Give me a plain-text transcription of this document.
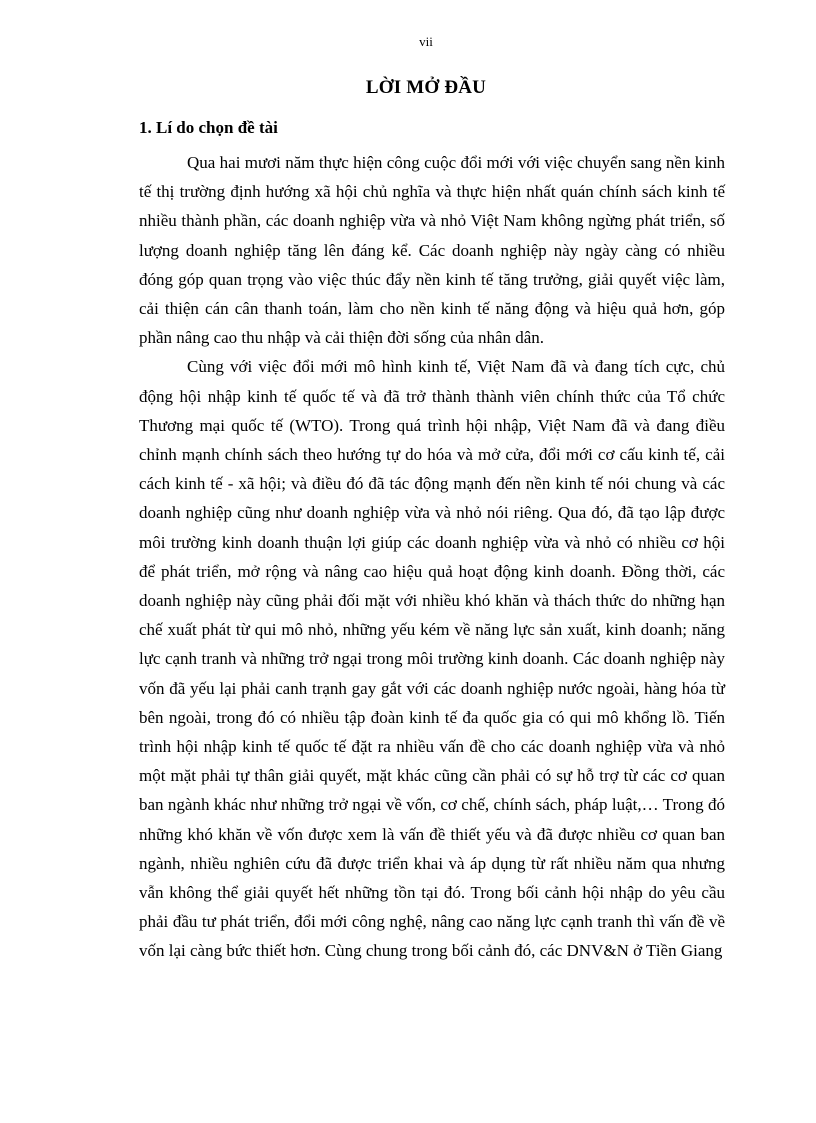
vii
LỜI MỞ ĐẦU
1. Lí do chọn đề tài

Qua hai mươi năm thực hiện công cuộc đổi mới với việc chuyển sang nền kinh tế thị trường định hướng xã hội chủ nghĩa và thực hiện nhất quán chính sách kinh tế nhiều thành phần, các doanh nghiệp vừa và nhỏ Việt Nam không ngừng phát triển, số lượng doanh nghiệp tăng lên đáng kể. Các doanh nghiệp này ngày càng có nhiều đóng góp quan trọng vào việc thúc đẩy nền kinh tế tăng trưởng, giải quyết việc làm, cải thiện cán cân thanh toán, làm cho nền kinh tế năng động và hiệu quả hơn, góp phần nâng cao thu nhập và cải thiện đời sống của nhân dân.

Cùng với việc đổi mới mô hình kinh tế, Việt Nam đã và đang tích cực, chủ động hội nhập kinh tế quốc tế và đã trở thành thành viên chính thức của Tổ chức Thương mại quốc tế (WTO). Trong quá trình hội nhập, Việt Nam đã và đang điều chỉnh mạnh chính sách theo hướng tự do hóa và mở cửa, đổi mới cơ cấu kinh tế, cải cách kinh tế - xã hội; và điều đó đã tác động mạnh đến nền kinh tế nói chung và các doanh nghiệp cũng như doanh nghiệp vừa và nhỏ nói riêng. Qua đó, đã tạo lập được môi trường kinh doanh thuận lợi giúp các doanh nghiệp vừa và nhỏ có nhiều cơ hội để phát triển, mở rộng và nâng cao hiệu quả hoạt động kinh doanh. Đồng thời, các doanh nghiệp này cũng phải đối mặt với nhiều khó khăn và thách thức do những hạn chế xuất phát từ qui mô nhỏ, những yếu kém về năng lực sản xuất, kinh doanh; năng lực cạnh tranh và những trở ngại trong môi trường kinh doanh. Các doanh nghiệp này vốn đã yếu lại phải canh trạnh gay gắt với các doanh nghiệp nước ngoài, hàng hóa từ bên ngoài, trong đó có nhiều tập đoàn kinh tế đa quốc gia có qui mô khổng lồ. Tiến trình hội nhập kinh tế quốc tế đặt ra nhiều vấn đề cho các doanh nghiệp vừa và nhỏ một mặt phải tự thân giải quyết, mặt khác cũng cần phải có sự hỗ trợ từ các cơ quan ban ngành khác như những trở ngại về vốn, cơ chế, chính sách, pháp luật,… Trong đó những khó khăn về vốn được xem là vấn đề thiết yếu và đã được nhiều cơ quan ban ngành, nhiều nghiên cứu đã được triển khai và áp dụng từ rất nhiều năm qua nhưng vẫn không thể giải quyết hết những tồn tại đó. Trong bối cảnh hội nhập do yêu cầu phải đầu tư phát triển, đổi mới công nghệ, nâng cao năng lực cạnh tranh thì vấn đề về vốn lại càng bức thiết hơn. Cùng chung trong bối cảnh đó, các DNV&N ở Tiền Giang
